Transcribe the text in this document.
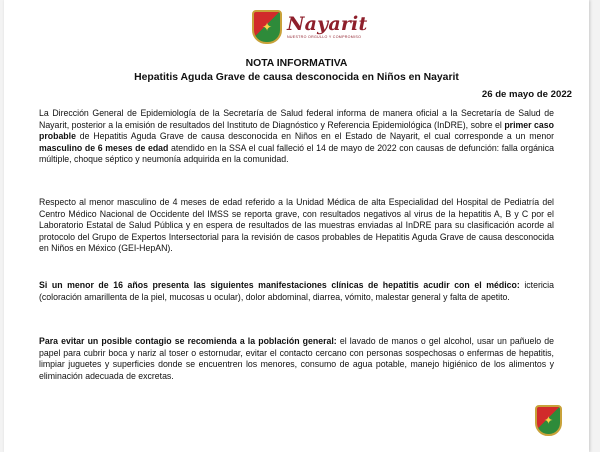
✦ Nayarit
NUESTRO ORGULLO Y COMPROMISO
NOTA INFORMATIVA
Hepatitis Aguda Grave de causa desconocida en Niños en Nayarit
26 de mayo de 2022

La Dirección General de Epidemiología de la Secretaría de Salud federal informa de manera oficial a la Secretaría de Salud de Nayarit, posterior a la emisión de resultados del Instituto de Diagnóstico y Referencia Epidemiológica (InDRE), sobre el primer caso probable de Hepatitis Aguda Grave de causa desconocida en Niños en el Estado de Nayarit, el cual corresponde a un menor masculino de 6 meses de edad atendido en la SSA el cual falleció el 14 de mayo de 2022 con causas de defunción: falla orgánica múltiple, choque séptico y neumonía adquirida en la comunidad.

Respecto al menor masculino de 4 meses de edad referido a la Unidad Médica de alta Especialidad del Hospital de Pediatría del Centro Médico Nacional de Occidente del IMSS se reporta grave, con resultados negativos al virus de la hepatitis A, B y C por el Laboratorio Estatal de Salud Pública y en espera de resultados de las muestras enviadas al InDRE para su clasificación acorde al protocolo del Grupo de Expertos Intersectorial para la revisión de casos probables de Hepatitis Aguda Grave de causa desconocida en Niños en México (GEI-HepAN).

Si un menor de 16 años presenta las siguientes manifestaciones clínicas de hepatitis acudir con el médico: ictericia (coloración amarillenta de la piel, mucosas u ocular), dolor abdominal, diarrea, vómito, malestar general y falta de apetito.

Para evitar un posible contagio se recomienda a la población general: el lavado de manos o gel alcohol, usar un pañuelo de papel para cubrir boca y nariz al toser o estornudar, evitar el contacto cercano con personas sospechosas o enfermas de hepatitis, limpiar juguetes y superficies donde se encuentren los menores, consumo de agua potable, manejo higiénico de los alimentos y eliminación adecuada de excretas.

✦
